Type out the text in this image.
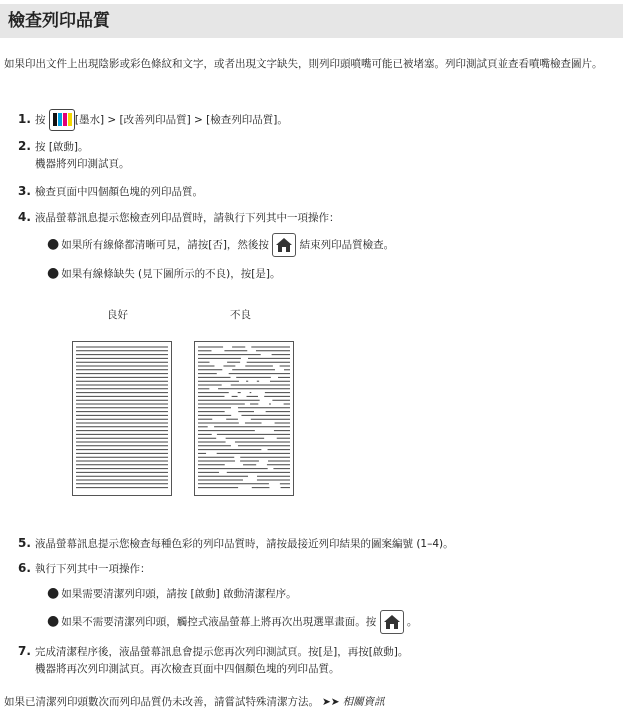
檢查列印品質
如果印出文件上出現陰影或彩色條紋和文字，或者出現文字缺失，則列印頭噴嘴可能已被堵塞。列印測試頁並查看噴嘴檢查圖片。
1. 按	[墨水] > [改善列印品質] > [檢查列印品質]。
2. 按 [啟動]。
機器將列印測試頁。
3. 檢查頁面中四個顏色塊的列印品質。
4. 液晶螢幕訊息提示您檢查列印品質時，請執行下列其中一項操作：
● 如果所有線條都清晰可見，請按[否]，然後按	結束列印品質檢查。
● 如果有線條缺失 (見下圖所示的不良)，按[是]。
良好	不良
5. 液晶螢幕訊息提示您檢查每種色彩的列印品質時，請按最接近列印結果的圖案編號 (1–4)。
6. 執行下列其中一項操作：
● 如果需要清潔列印頭，請按 [啟動] 啟動清潔程序。
● 如果不需要清潔列印頭，觸控式液晶螢幕上將再次出現選單畫面。按	。
7. 完成清潔程序後，液晶螢幕訊息會提示您再次列印測試頁。按[是]，再按[啟動]。
機器將再次列印測試頁。再次檢查頁面中四個顏色塊的列印品質。
如果已清潔列印頭數次而列印品質仍未改善，請嘗試特殊清潔方法。 ➤➤ 相關資訊
